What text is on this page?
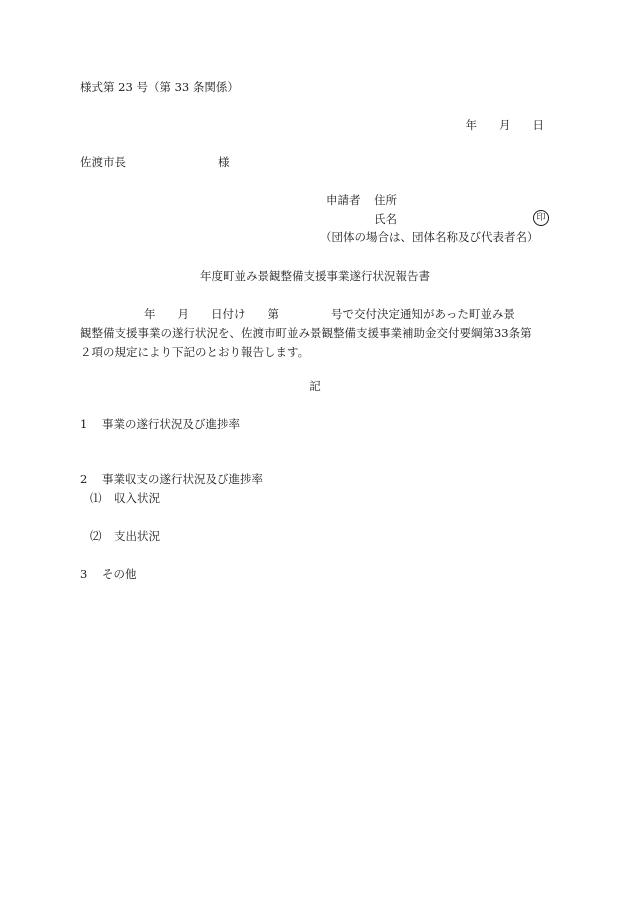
様式第 23 号（第 33 条関係）
年 月 日
佐渡市長	様
申請者 住所
氏名	印
（団体の場合は、団体名称及び代表者名）
年度町並み景観整備支援事業遂行状況報告書
年 月 日付け 第	号で交付決定通知があった町並み景
観整備支援事業の遂行状況を、佐渡市町並み景観整備支援事業補助金交付要綱第33条第
２項の規定により下記のとおり報告します。
記
1 事業の遂行状況及び進捗率
2 事業収支の遂行状況及び進捗率
⑴ 収入状況
⑵ 支出状況
3 その他
